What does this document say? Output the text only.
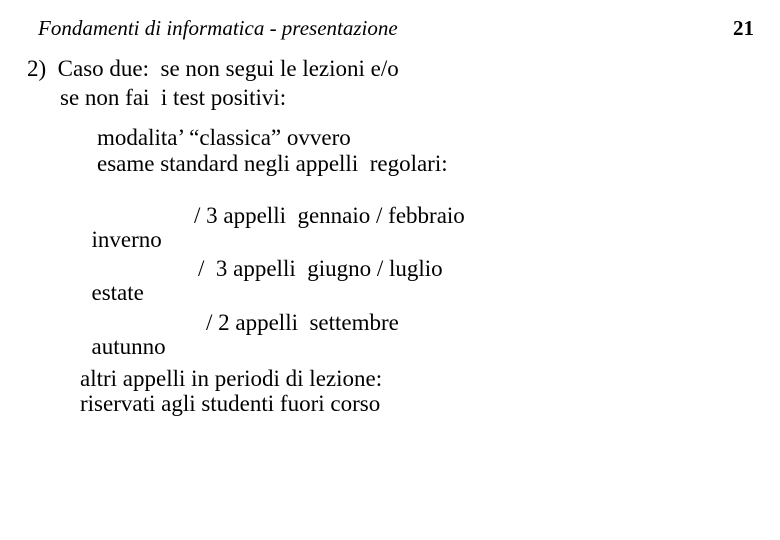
Fondamenti di informatica - presentazione	21
2)  Caso due:  se non segui le lezioni e/o
se non fai  i test positivi:
modalita’ “classica” ovvero
esame standard negli appelli  regolari:

inverno

/ 3 appelli  gennaio / febbraio

estate

/  3 appelli  giugno / luglio

autunno

/ 2 appelli  settembre

altri appelli in periodi di lezione:
riservati agli studenti fuori corso
